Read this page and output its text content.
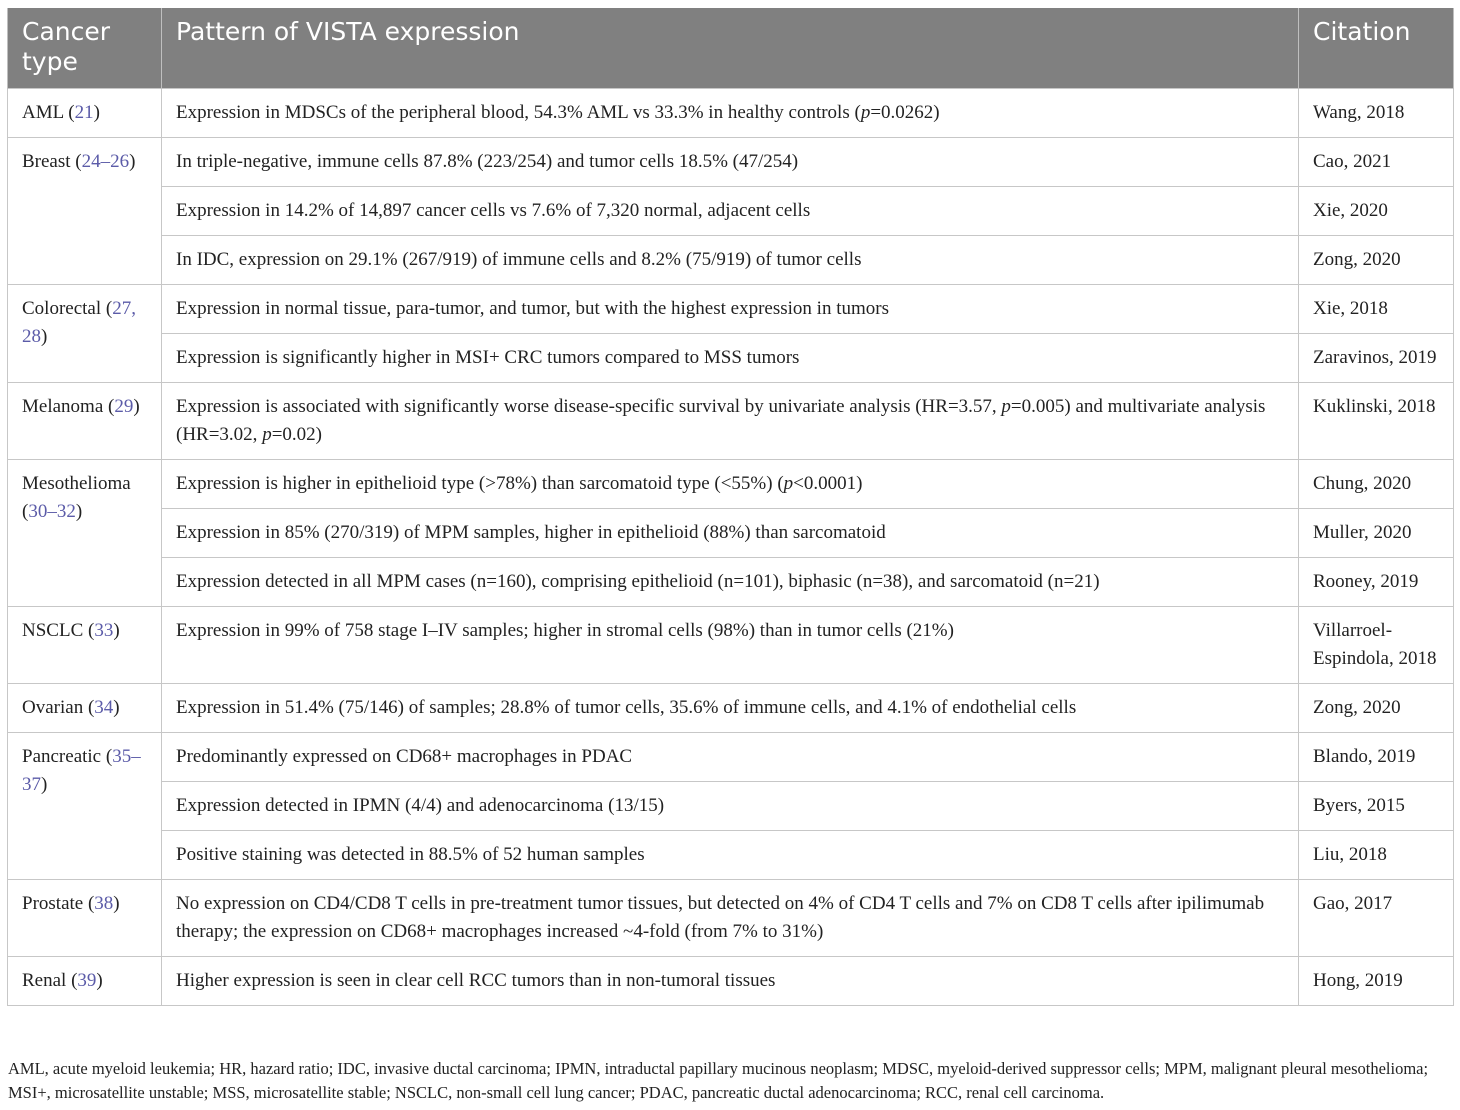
Cancer type	Pattern of VISTA expression	Citation
AML (21)	Expression in MDSCs of the peripheral blood, 54.3% AML vs 33.3% in healthy controls (p=0.0262)	Wang, 2018
Breast (24–26)	In triple-negative, immune cells 87.8% (223/254) and tumor cells 18.5% (47/254)	Cao, 2021
	Expression in 14.2% of 14,897 cancer cells vs 7.6% of 7,320 normal, adjacent cells	Xie, 2020
	In IDC, expression on 29.1% (267/919) of immune cells and 8.2% (75/919) of tumor cells	Zong, 2020
Colorectal (27, 28)	Expression in normal tissue, para-tumor, and tumor, but with the highest expression in tumors	Xie, 2018
	Expression is significantly higher in MSI+ CRC tumors compared to MSS tumors	Zaravinos, 2019
Melanoma (29)	Expression is associated with significantly worse disease-specific survival by univariate analysis (HR=3.57, p=0.005) and multivariate analysis (HR=3.02, p=0.02)	Kuklinski, 2018
Mesothelioma (30–32)	Expression is higher in epithelioid type (>78%) than sarcomatoid type (<55%) (p<0.0001)	Chung, 2020
	Expression in 85% (270/319) of MPM samples, higher in epithelioid (88%) than sarcomatoid	Muller, 2020
	Expression detected in all MPM cases (n=160), comprising epithelioid (n=101), biphasic (n=38), and sarcomatoid (n=21)	Rooney, 2019
NSCLC (33)	Expression in 99% of 758 stage I–IV samples; higher in stromal cells (98%) than in tumor cells (21%)	Villarroel-Espindola, 2018
Ovarian (34)	Expression in 51.4% (75/146) of samples; 28.8% of tumor cells, 35.6% of immune cells, and 4.1% of endothelial cells	Zong, 2020
Pancreatic (35–37)	Predominantly expressed on CD68+ macrophages in PDAC	Blando, 2019
	Expression detected in IPMN (4/4) and adenocarcinoma (13/15)	Byers, 2015
	Positive staining was detected in 88.5% of 52 human samples	Liu, 2018
Prostate (38)	No expression on CD4/CD8 T cells in pre-treatment tumor tissues, but detected on 4% of CD4 T cells and 7% on CD8 T cells after ipilimumab therapy; the expression on CD68+ macrophages increased ~4-fold (from 7% to 31%)	Gao, 2017
Renal (39)	Higher expression is seen in clear cell RCC tumors than in non-tumoral tissues	Hong, 2019
AML, acute myeloid leukemia; HR, hazard ratio; IDC, invasive ductal carcinoma; IPMN, intraductal papillary mucinous neoplasm; MDSC, myeloid-derived suppressor cells; MPM, malignant pleural mesothelioma; MSI+, microsatellite unstable; MSS, microsatellite stable; NSCLC, non-small cell lung cancer; PDAC, pancreatic ductal adenocarcinoma; RCC, renal cell carcinoma.
